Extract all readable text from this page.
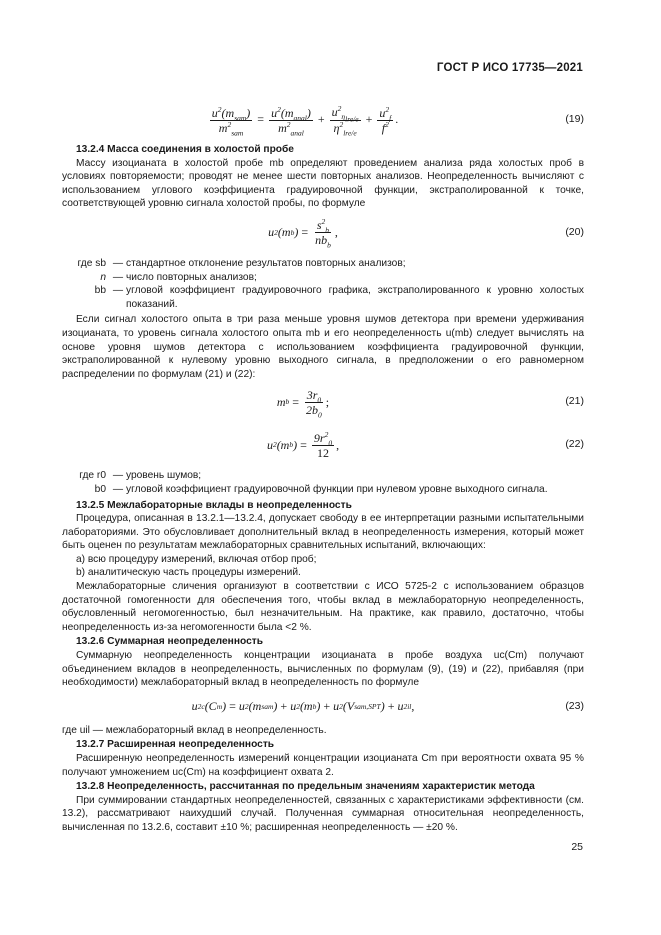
ГОСТ Р ИСО 17735—2021
$\frac{u^2(m_{sam})}{m^2_{sam}} = \frac{u^2(m_{anal})}{m^2_{anal}} + \frac{u^2_{\eta_{lre/e}}}{\eta^2_{lre/e}} + \frac{u^2_f}{f^2}$ .	(19)

13.2.4 Масса соединения в холостой пробе

Массу изоцианата в холостой пробе mb определяют проведением анализа ряда холостых проб в условиях повторяемости; проводят не менее шести повторных анализов. Неопределенность вычисляют с использованием углового коэффициента градуировочной функции, экстраполированной к точке, соответствующей уровню сигнала холостой пробы, по формуле

u 2 (m b ) = $\frac{s^2_b}{nb_b}$ ,	(20)
где sb — стандартное отклонение результатов повторных анализов;
n — число повторных анализов;
bb — угловой коэффициент градуировочного графика, экстраполированного к уровню холостых показаний.

Если сигнал холостого опыта в три раза меньше уровня шумов детектора при времени удерживания изоцианата, то уровень сигнала холостого опыта mb и его неопределенность u(mb) следует вычислять на основе уровня шумов детектора с использованием коэффициента градуировочной функции, экстраполированной к нулевому уровню выходного сигнала, в предположении о его равномерном распределении по формулам (21) и (22):

m $b = \frac{3r_0}{2b_0}$ ;	(21)
u 2 (m b ) = $\frac{9r^2_0}{12}$ ,	(22)
где r0 — уровень шумов;
b0 — угловой коэффициент градуировочной функции при нулевом уровне выходного сигнала.

13.2.5 Межлабораторные вклады в неопределенность

Процедура, описанная в 13.2.1—13.2.4, допускает свободу в ее интерпретации разными испытательными лабораториями. Это обусловливает дополнительный вклад в неопределенность измерения, который может быть оценен по результатам межлабораторных сравнительных испытаний, включающих:

а) всю процедуру измерений, включая отбор проб;

b) аналитическую часть процедуры измерений.

Межлабораторные сличения организуют в соответствии с ИСО 5725-2 с использованием образцов достаточной гомогенности для обеспечения того, чтобы вклад в межлабораторную неопределенность, обусловленный негомогенностью, был незначительным. На практике, как правило, достаточно, чтобы неопределенность из-за негомогенности была <2 %.

13.2.6 Суммарная неопределенность

Суммарную неопределенность концентрации изоцианата в пробе воздуха uc(Cm) получают объединением вкладов в неопределенность, вычисленных по формулам (9), (19) и (22), прибавляя (при необходимости) межлабораторный вклад в неопределенность по формуле

u 2 c (C m ) = u 2 (m sam ) + u 2 (m b ) + u 2 (V sam,SPT ) + u 2 il ,	(23)

где uil — межлабораторный вклад в неопределенность.

13.2.7 Расширенная неопределенность

Расширенную неопределенность измерений концентрации изоцианата Cm при вероятности охвата 95 % получают умножением uc(Cm) на коэффициент охвата 2.

13.2.8 Неопределенность, рассчитанная по предельным значениям характеристик метода

При суммировании стандартных неопределенностей, связанных с характеристиками эффективности (см. 13.2), рассматривают наихудший случай. Полученная суммарная относительная неопределенность, вычисленная по 13.2.6, составит ±10 %; расширенная неопределенность — ±20 %.

25
